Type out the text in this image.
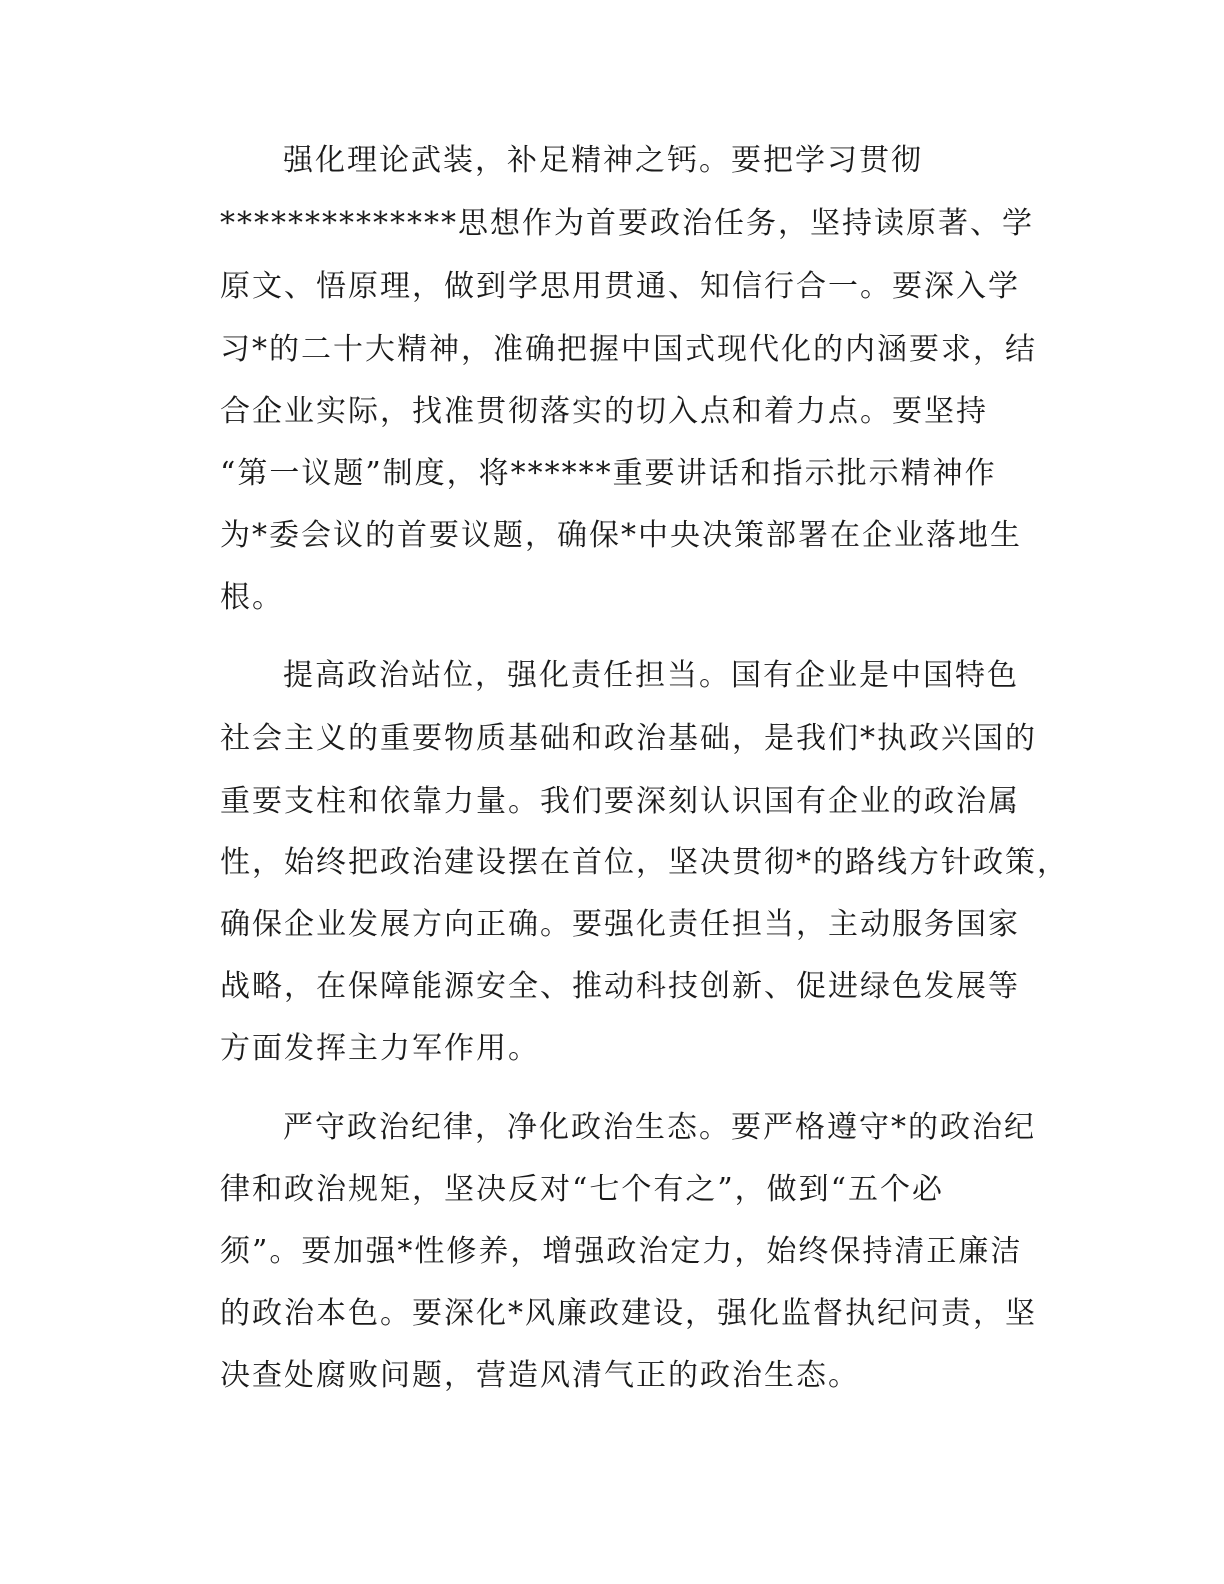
强化理论武装，补足精神之钙。要把学习贯彻
**************思想作为首要政治任务，坚持读原著、学
原文、悟原理，做到学思用贯通、知信行合一。要深入学
习*的二十大精神，准确把握中国式现代化的内涵要求，结
合企业实际，找准贯彻落实的切入点和着力点。要坚持
“第一议题”制度，将******重要讲话和指示批示精神作
为*委会议的首要议题，确保*中央决策部署在企业落地生
根。
提高政治站位，强化责任担当。国有企业是中国特色
社会主义的重要物质基础和政治基础，是我们*执政兴国的
重要支柱和依靠力量。我们要深刻认识国有企业的政治属
性，始终把政治建设摆在首位，坚决贯彻*的路线方针政策，
确保企业发展方向正确。要强化责任担当，主动服务国家
战略，在保障能源安全、推动科技创新、促进绿色发展等
方面发挥主力军作用。
严守政治纪律，净化政治生态。要严格遵守*的政治纪
律和政治规矩，坚决反对“七个有之”，做到“五个必
须”。要加强*性修养，增强政治定力，始终保持清正廉洁
的政治本色。要深化*风廉政建设，强化监督执纪问责，坚
决查处腐败问题，营造风清气正的政治生态。
